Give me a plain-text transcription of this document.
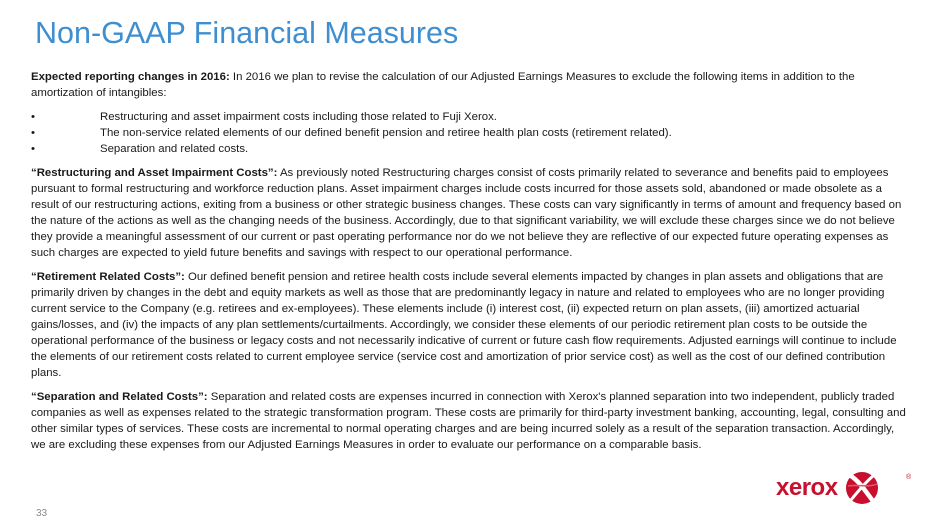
Non-GAAP Financial Measures

Expected reporting changes in 2016: In 2016 we plan to revise the calculation of our Adjusted Earnings Measures to exclude the following items in addition to the amortization of intangibles:

•	Restructuring and asset impairment costs including those related to Fuji Xerox.
•	The non-service related elements of our defined benefit pension and retiree health plan costs (retirement related).
•	Separation and related costs.

“Restructuring and Asset Impairment Costs”: As previously noted Restructuring charges consist of costs primarily related to severance and benefits paid to employees pursuant to formal restructuring and workforce reduction plans. Asset impairment charges include costs incurred for those assets sold, abandoned or made obsolete as a result of our restructuring actions, exiting from a business or other strategic business changes. These costs can vary significantly in terms of amount and frequency based on the nature of the actions as well as the changing needs of the business. Accordingly, due to that significant variability, we will exclude these charges since we do not believe they provide a meaningful assessment of our current or past operating performance nor do we not believe they are reflective of our expected future operating expenses as such charges are expected to yield future benefits and savings with respect to our operational performance.

“Retirement Related Costs”: Our defined benefit pension and retiree health costs include several elements impacted by changes in plan assets and obligations that are primarily driven by changes in the debt and equity markets as well as those that are predominantly legacy in nature and related to employees who are no longer providing current service to the Company (e.g. retirees and ex-employees). These elements include (i) interest cost, (ii) expected return on plan assets, (iii) amortized actuarial gains/losses, and (iv) the impacts of any plan settlements/curtailments. Accordingly, we consider these elements of our periodic retirement plan costs to be outside the operational performance of the business or legacy costs and not necessarily indicative of current or future cash flow requirements. Adjusted earnings will continue to include the elements of our retirement costs related to current employee service (service cost and amortization of prior service cost) as well as the cost of our defined contribution plans.

“Separation and Related Costs”: Separation and related costs are expenses incurred in connection with Xerox's planned separation into two independent, publicly traded companies as well as expenses related to the strategic transformation program. These costs are primarily for third-party investment banking, accounting, legal, consulting and other similar types of services. These costs are incremental to normal operating charges and are being incurred solely as a result of the separation transaction. Accordingly, we are excluding these expenses from our Adjusted Earnings Measures in order to evaluate our performance on a comparable basis.

33
xerox	®
